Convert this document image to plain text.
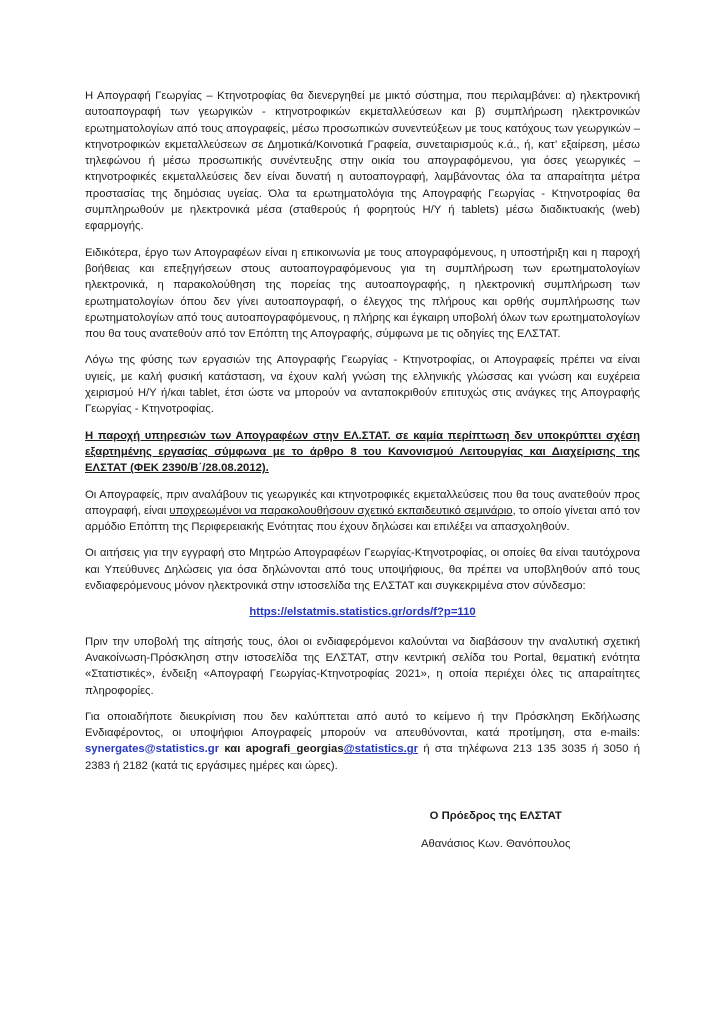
Η Απογραφή Γεωργίας – Κτηνοτροφίας θα διενεργηθεί με μικτό σύστημα, που περιλαμβάνει: α) ηλεκτρονική αυτοαπογραφή των γεωργικών - κτηνοτροφικών εκμεταλλεύσεων και β) συμπλήρωση ηλεκτρονικών ερωτηματολογίων από τους απογραφείς, μέσω προσωπικών συνεντεύξεων με τους κατόχους των γεωργικών – κτηνοτροφικών εκμεταλλεύσεων σε Δημοτικά/Κοινοτικά Γραφεία, συνεταιρισμούς κ.ά., ή, κατ’ εξαίρεση, μέσω τηλεφώνου ή μέσω προσωπικής συνέντευξης στην οικία του απογραφόμενου, για όσες γεωργικές – κτηνοτροφικές εκμεταλλεύσεις δεν είναι δυνατή η αυτοαπογραφή, λαμβάνοντας όλα τα απαραίτητα μέτρα προστασίας της δημόσιας υγείας. Όλα τα ερωτηματολόγια της Απογραφής Γεωργίας - Κτηνοτροφίας θα συμπληρωθούν με ηλεκτρονικά μέσα (σταθερούς ή φορητούς Η/Υ ή tablets) μέσω διαδικτυακής (web) εφαρμογής.

Ειδικότερα, έργο των Απογραφέων είναι η επικοινωνία με τους απογραφόμενους, η υποστήριξη και η παροχή βοήθειας και επεξηγήσεων στους αυτοαπογραφόμενους για τη συμπλήρωση των ερωτηματολογίων ηλεκτρονικά, η παρακολούθηση της πορείας της αυτοαπογραφής, η ηλεκτρονική συμπλήρωση των ερωτηματολογίων όπου δεν γίνει αυτοαπογραφή, ο έλεγχος της πλήρους και ορθής συμπλήρωσης των ερωτηματολογίων από τους αυτοαπογραφόμενους, η πλήρης και έγκαιρη υποβολή όλων των ερωτηματολογίων που θα τους ανατεθούν από τον Επόπτη της Απογραφής, σύμφωνα με τις οδηγίες της ΕΛΣΤΑΤ.

Λόγω της φύσης των εργασιών της Απογραφής Γεωργίας - Κτηνοτροφίας, οι Απογραφείς πρέπει να είναι υγιείς, με καλή φυσική κατάσταση, να έχουν καλή γνώση της ελληνικής γλώσσας και γνώση και ευχέρεια χειρισμού Η/Υ ή/και tablet, έτσι ώστε να μπορούν να ανταποκριθούν επιτυχώς στις ανάγκες της Απογραφής Γεωργίας - Κτηνοτροφίας.

Η παροχή υπηρεσιών των Απογραφέων στην ΕΛ.ΣΤΑΤ. σε καμία περίπτωση δεν υποκρύπτει σχέση εξαρτημένης εργασίας σύμφωνα με το άρθρο 8 του Κανονισμού Λειτουργίας και Διαχείρισης της ΕΛΣΤΑΤ (ΦΕΚ 2390/Β΄/28.08.2012).

Οι Απογραφείς, πριν αναλάβουν τις γεωργικές και κτηνοτροφικές εκμεταλλεύσεις που θα τους ανατεθούν προς απογραφή, είναι υποχρεωμένοι να παρακολουθήσουν σχετικό εκπαιδευτικό σεμινάριο, το οποίο γίνεται από τον αρμόδιο Επόπτη της Περιφερειακής Ενότητας που έχουν δηλώσει και επιλέξει να απασχοληθούν.

Οι αιτήσεις για την εγγραφή στο Μητρώο Απογραφέων Γεωργίας-Κτηνοτροφίας, οι οποίες θα είναι ταυτόχρονα και Υπεύθυνες Δηλώσεις για όσα δηλώνονται από τους υποψήφιους, θα πρέπει να υποβληθούν από τους ενδιαφερόμενους μόνον ηλεκτρονικά στην ιστοσελίδα της ΕΛΣΤΑΤ και συγκεκριμένα στον σύνδεσμο:

https://elstatmis.statistics.gr/ords/f?p=110

Πριν την υποβολή της αίτησής τους, όλοι οι ενδιαφερόμενοι καλούνται να διαβάσουν την αναλυτική σχετική Ανακοίνωση-Πρόσκληση στην ιστοσελίδα της ΕΛΣΤΑΤ, στην κεντρική σελίδα του Portal, θεματική ενότητα «Στατιστικές», ένδειξη «Απογραφή Γεωργίας-Κτηνοτροφίας 2021», η οποία περιέχει όλες τις απαραίτητες πληροφορίες.

Για οποιαδήποτε διευκρίνιση που δεν καλύπτεται από αυτό το κείμενο ή την Πρόσκληση Εκδήλωσης Ενδιαφέροντος, οι υποψήφιοι Απογραφείς μπορούν να απευθύνονται, κατά προτίμηση, στα e-mails: synergates@statistics.gr και apografi_georgias@statistics.gr ή στα τηλέφωνα 213 135 3035 ή 3050 ή 2383 ή 2182 (κατά τις εργάσιμες ημέρες και ώρες).

Ο Πρόεδρος της ΕΛΣΤΑΤ
Αθανάσιος Κων. Θανόπουλος
